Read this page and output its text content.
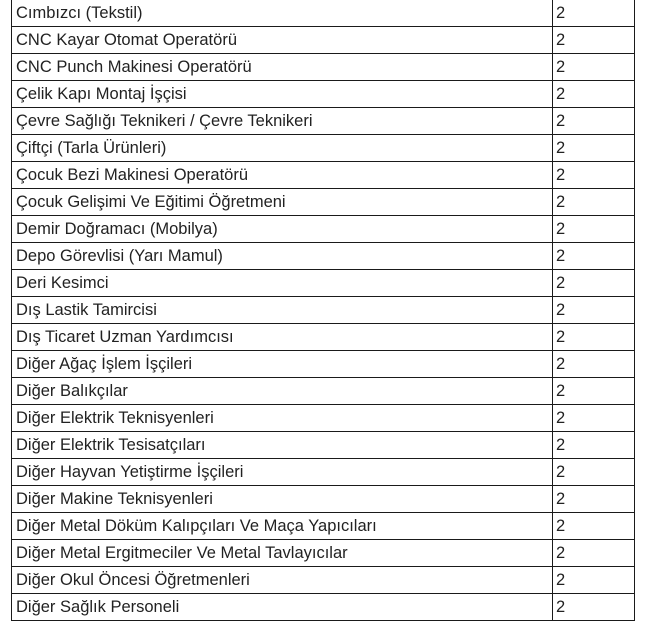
Cımbızcı (Tekstil)	2
CNC Kayar Otomat Operatörü	2
CNC Punch Makinesi Operatörü	2
Çelik Kapı Montaj İşçisi	2
Çevre Sağlığı Teknikeri / Çevre Teknikeri	2
Çiftçi (Tarla Ürünleri)	2
Çocuk Bezi Makinesi Operatörü	2
Çocuk Gelişimi Ve Eğitimi Öğretmeni	2
Demir Doğramacı (Mobilya)	2
Depo Görevlisi (Yarı Mamul)	2
Deri Kesimci	2
Dış Lastik Tamircisi	2
Dış Ticaret Uzman Yardımcısı	2
Diğer Ağaç İşlem İşçileri	2
Diğer Balıkçılar	2
Diğer Elektrik Teknisyenleri	2
Diğer Elektrik Tesisatçıları	2
Diğer Hayvan Yetiştirme İşçileri	2
Diğer Makine Teknisyenleri	2
Diğer Metal Döküm Kalıpçıları Ve Maça Yapıcıları	2
Diğer Metal Ergitmeciler Ve Metal Tavlayıcılar	2
Diğer Okul Öncesi Öğretmenleri	2
Diğer Sağlık Personeli	2
